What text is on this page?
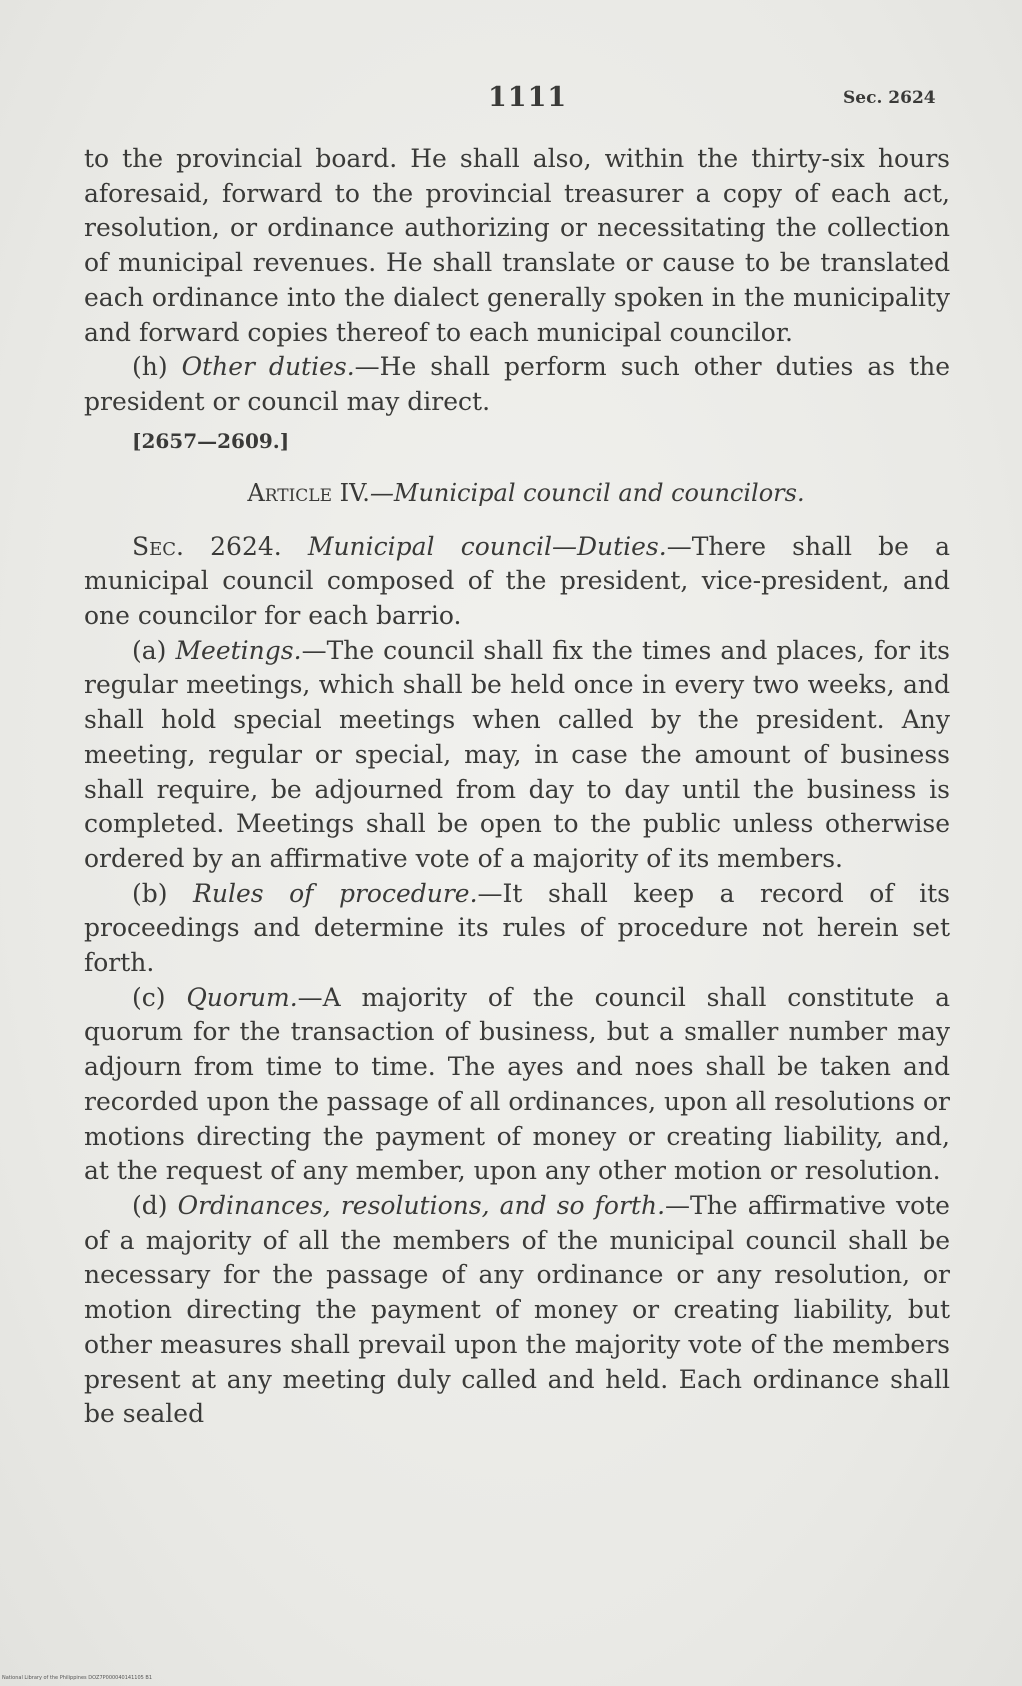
1111	Sec. 2624

to the provincial board. He shall also, within the thirty-six hours aforesaid, forward to the provincial treasurer a copy of each act, resolution, or ordinance authorizing or necessitating the collection of municipal revenues. He shall translate or cause to be translated each ordinance into the dialect generally spoken in the municipality and forward copies thereof to each municipal councilor.

(h) Other duties.—He shall perform such other duties as the president or council may direct.

[2657—2609.]

Article IV.—Municipal council and councilors.

Sec. 2624. Municipal council—Duties.—There shall be a municipal council composed of the president, vice-president, and one councilor for each barrio.

(a) Meetings.—The council shall fix the times and places, for its regular meetings, which shall be held once in every two weeks, and shall hold special meetings when called by the president. Any meeting, regular or special, may, in case the amount of business shall require, be adjourned from day to day until the business is completed. Meetings shall be open to the public unless otherwise ordered by an affirmative vote of a majority of its members.

(b) Rules of procedure.—It shall keep a record of its proceedings and determine its rules of procedure not herein set forth.

(c) Quorum.—A majority of the council shall constitute a quorum for the transaction of business, but a smaller number may adjourn from time to time. The ayes and noes shall be taken and recorded upon the passage of all ordinances, upon all resolutions or motions directing the payment of money or creating liability, and, at the request of any member, upon any other motion or resolution.

(d) Ordinances, resolutions, and so forth.—The affirmative vote of a majority of all the members of the municipal council shall be necessary for the passage of any ordinance or any resolution, or motion directing the payment of money or creating liability, but other measures shall prevail upon the majority vote of the members present at any meeting duly called and held. Each ordinance shall be sealed

National Library of the Philippines DOZ7P000040141105 B1
